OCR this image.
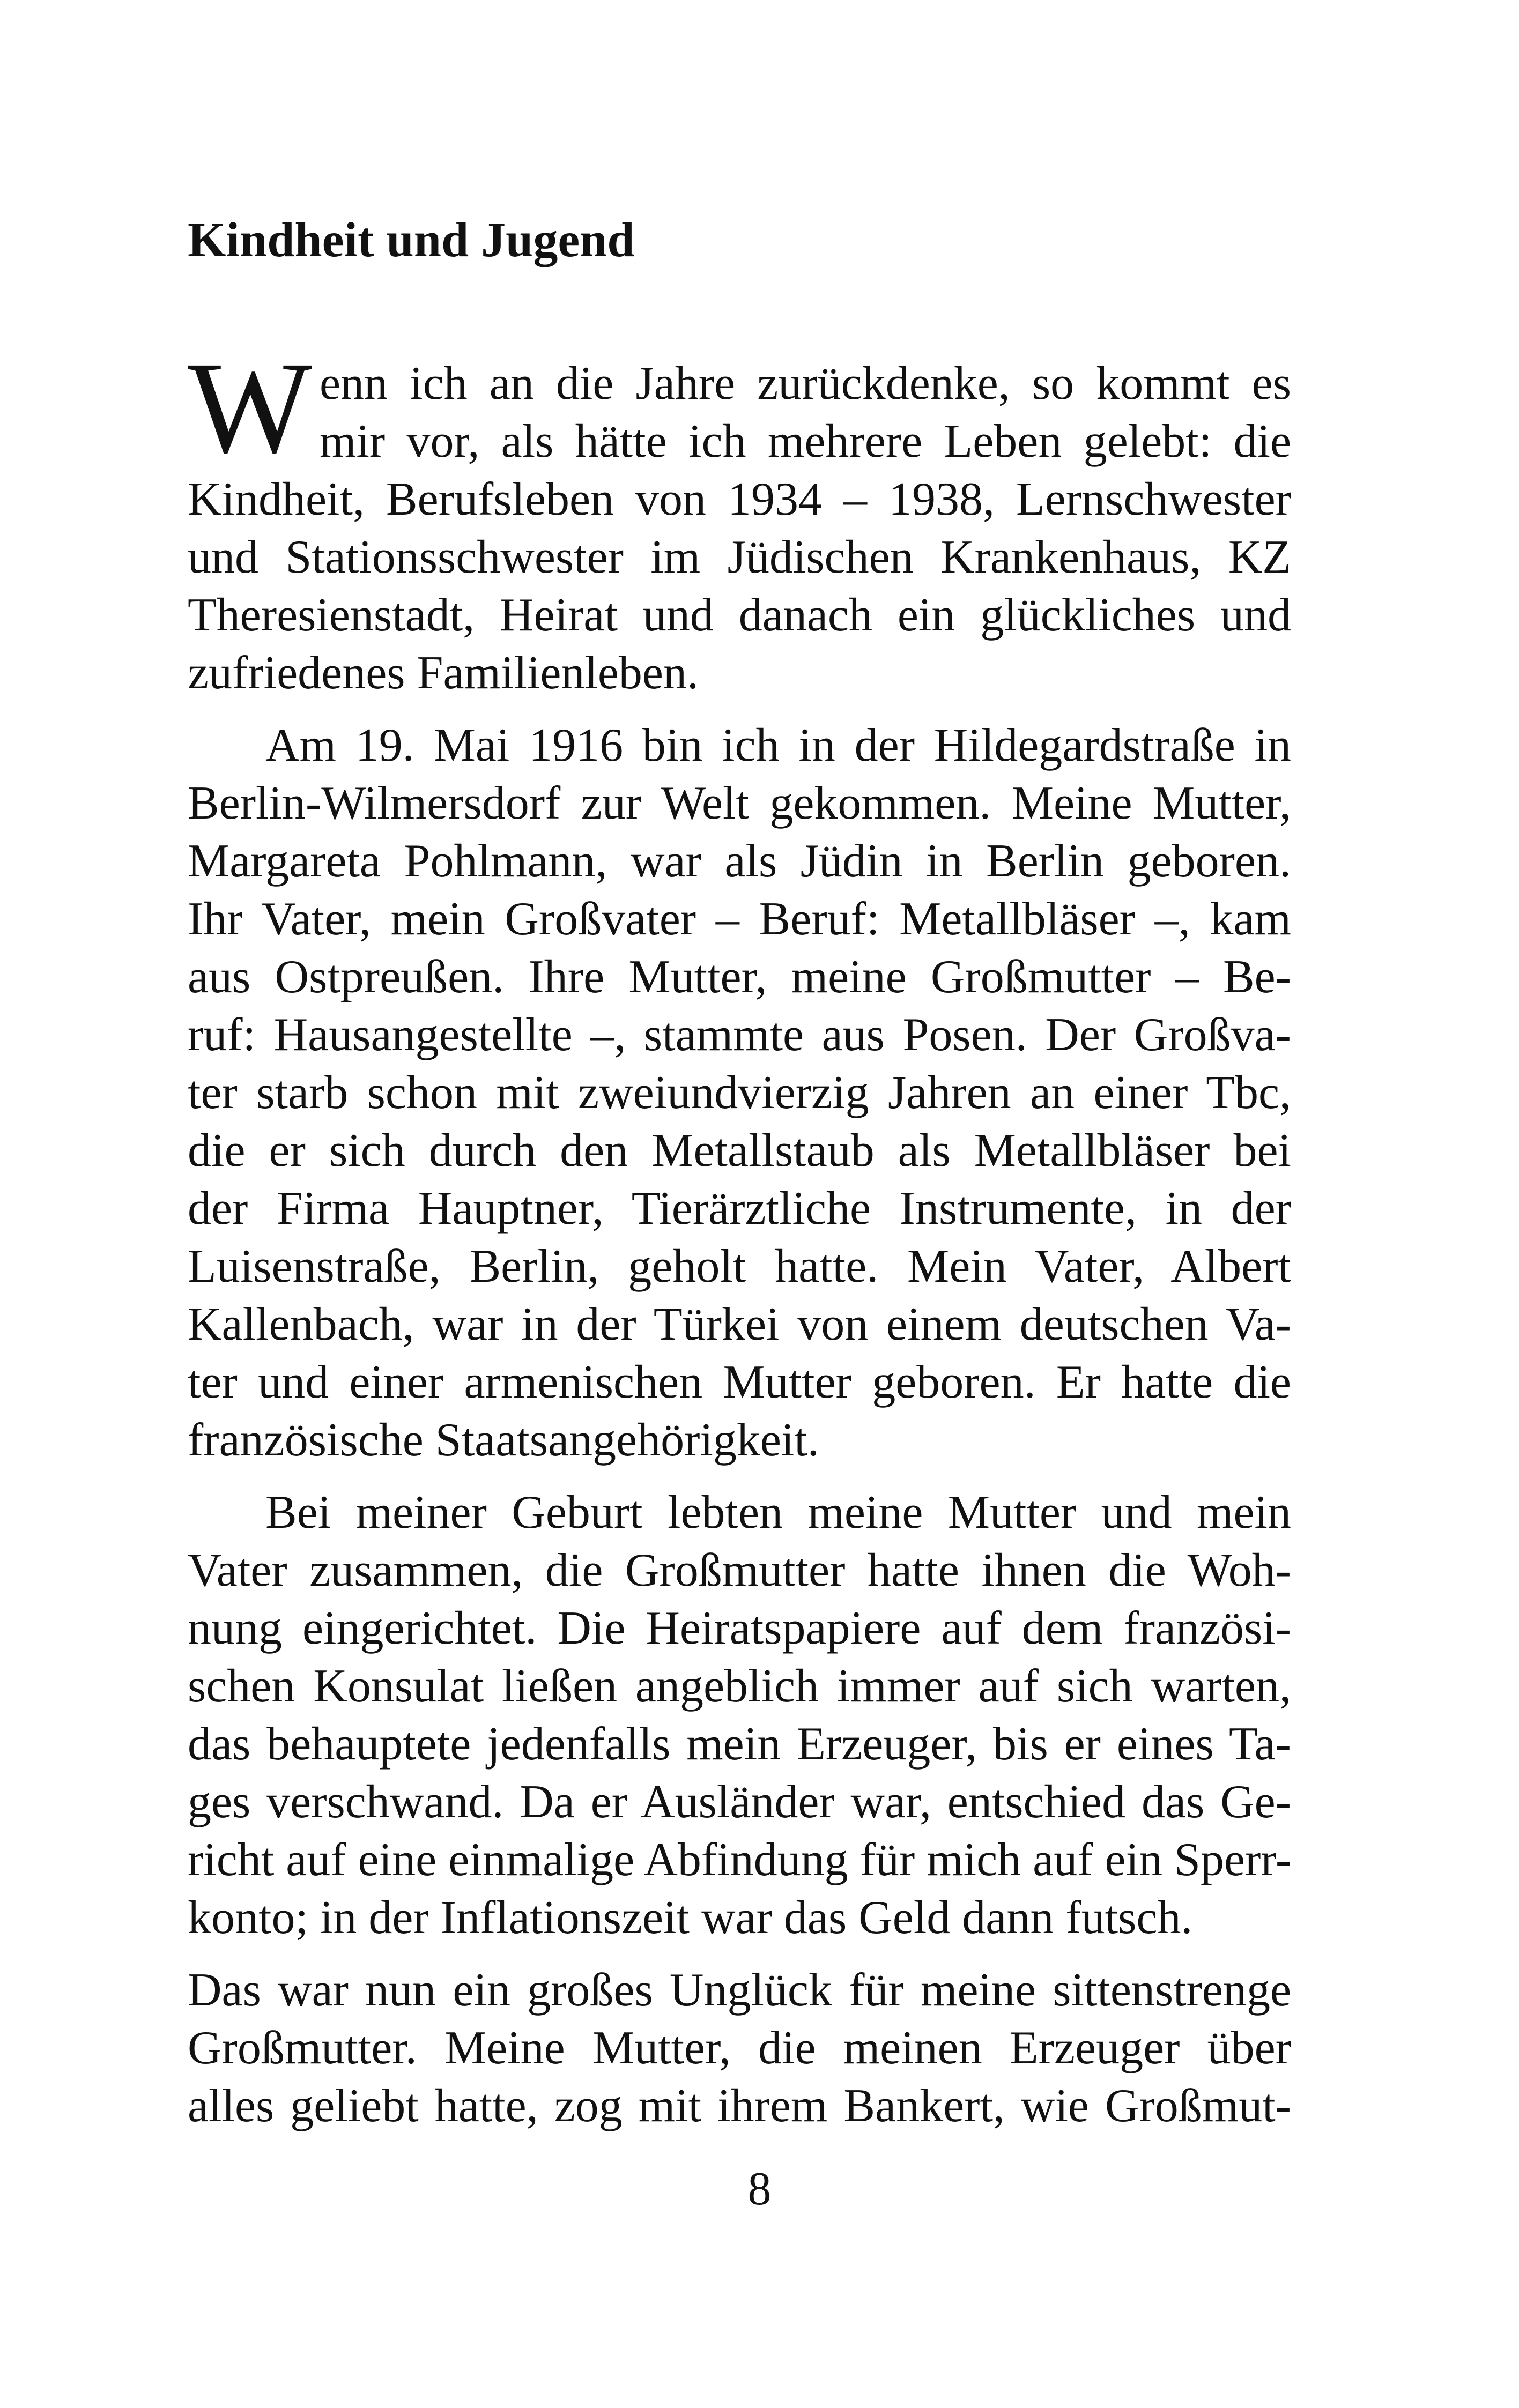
Kindheit und Jugend
W enn ich an die Jahre zurückdenke, so kommt es
mir vor, als hätte ich mehrere Leben gelebt: die
Kindheit, Berufsleben von 1934 – 1938, Lernschwester
und Stationsschwester im Jüdischen Krankenhaus, KZ
Theresienstadt, Heirat und danach ein glückliches und
zufriedenes Familienleben.
Am 19. Mai 1916 bin ich in der Hildegardstraße in
Berlin-Wilmersdorf zur Welt gekommen. Meine Mutter,
Margareta Pohlmann, war als Jüdin in Berlin geboren.
Ihr Vater, mein Großvater – Beruf: Metallbläser –, kam
aus Ostpreußen. Ihre Mutter, meine Großmutter – Be-
ruf: Hausangestellte –, stammte aus Posen. Der Großva-
ter starb schon mit zweiundvierzig Jahren an einer Tbc,
die er sich durch den Metallstaub als Metallbläser bei
der Firma Hauptner, Tierärztliche Instrumente, in der
Luisenstraße, Berlin, geholt hatte. Mein Vater, Albert
Kallenbach, war in der Türkei von einem deutschen Va-
ter und einer armenischen Mutter geboren. Er hatte die
französische Staatsangehörigkeit.
Bei meiner Geburt lebten meine Mutter und mein
Vater zusammen, die Großmutter hatte ihnen die Woh-
nung eingerichtet. Die Heiratspapiere auf dem französi-
schen Konsulat ließen angeblich immer auf sich warten,
das behauptete jedenfalls mein Erzeuger, bis er eines Ta-
ges verschwand. Da er Ausländer war, entschied das Ge-
richt auf eine einmalige Abfindung für mich auf ein Sperr-
konto; in der Inflationszeit war das Geld dann futsch.
Das war nun ein großes Unglück für meine sittenstrenge
Großmutter. Meine Mutter, die meinen Erzeuger über
alles geliebt hatte, zog mit ihrem Bankert, wie Großmut-
8
